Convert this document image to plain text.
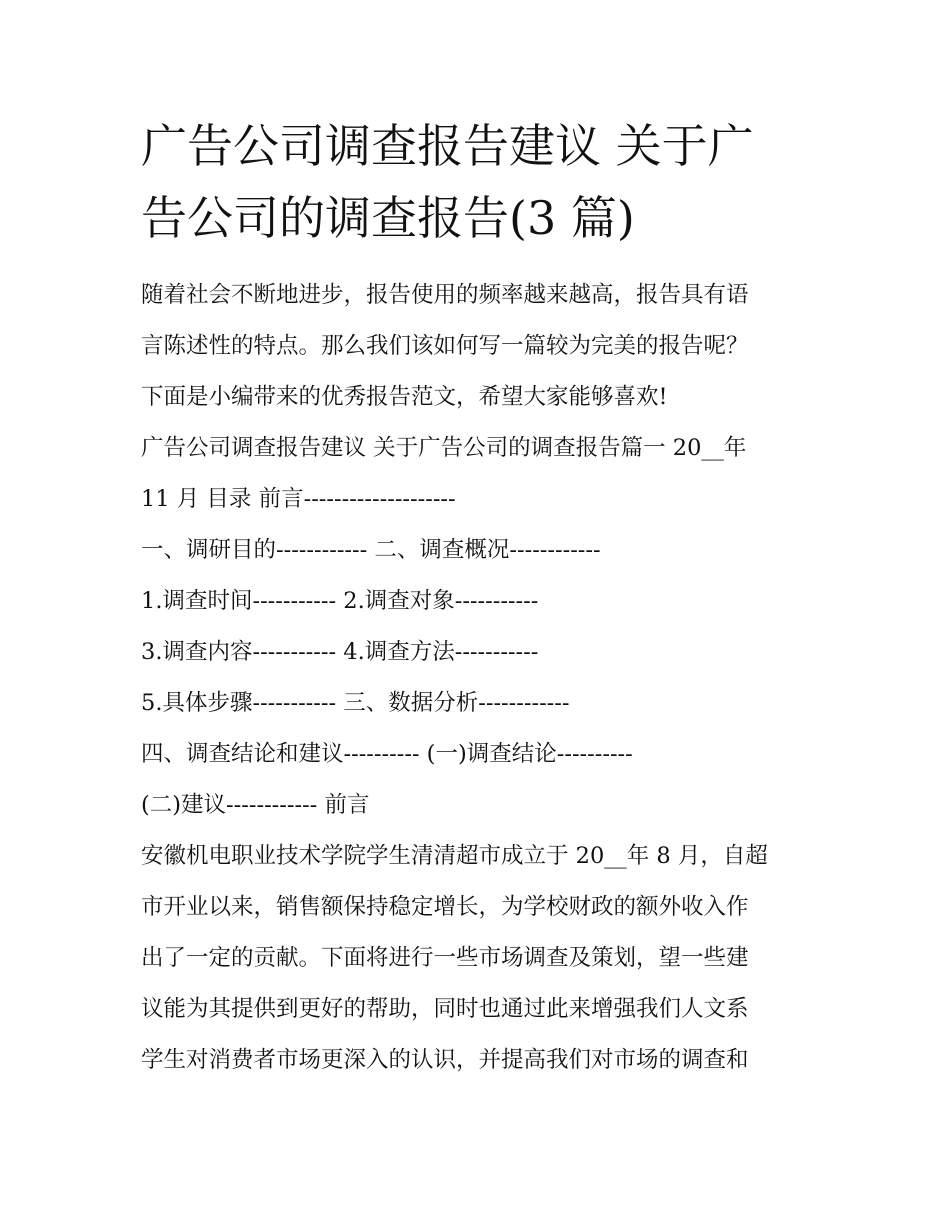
广告公司调查报告建议 关于广
告公司的调查报告(3 篇)
随着社会不断地进步，报告使用的频率越来越高，报告具有语
言陈述性的特点。那么我们该如何写一篇较为完美的报告呢？
下面是小编带来的优秀报告范文，希望大家能够喜欢!
广告公司调查报告建议 关于广告公司的调查报告篇一 20__年
11 月 目录 前言--------------------
一、调研目的------------ 二、调查概况------------
1.调查时间----------- 2.调查对象-----------
3.调查内容----------- 4.调查方法-----------
5.具体步骤----------- 三、数据分析------------
四、调查结论和建议---------- (一)调查结论----------
(二)建议------------ 前言
安徽机电职业技术学院学生清清超市成立于 20__年 8 月，自超
市开业以来，销售额保持稳定增长，为学校财政的额外收入作
出了一定的贡献。下面将进行一些市场调查及策划，望一些建
议能为其提供到更好的帮助，同时也通过此来增强我们人文系
学生对消费者市场更深入的认识，并提高我们对市场的调查和
